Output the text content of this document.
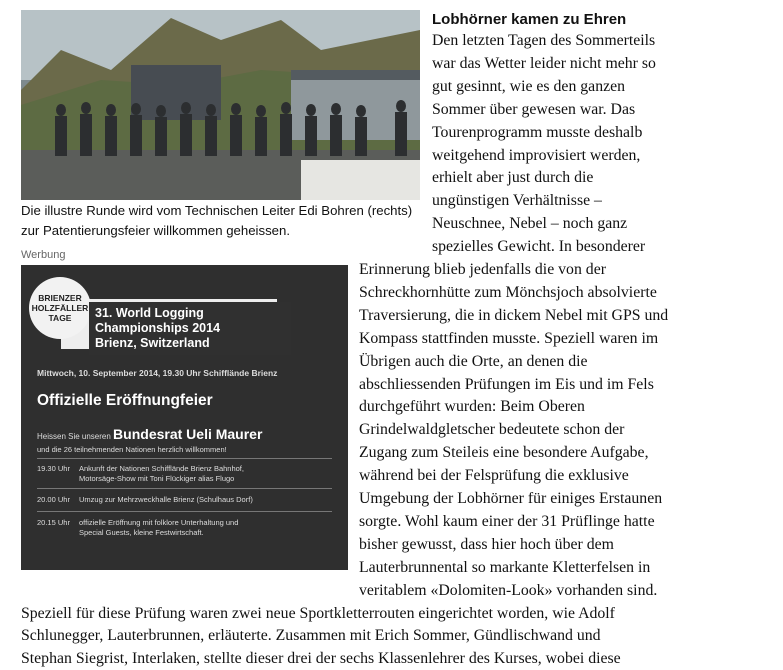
Die illustre Runde wird vom Technischen Leiter Edi Bohren (rechts)
zur Patentierungsfeier willkommen geheissen.
Werbung
BRIENZER
HOLZFÄLLER
TAGE	31. World Logging
Championships 2014
Brienz, Switzerland
Mittwoch, 10. September 2014, 19.30 Uhr Schifflände Brienz
Offizielle Eröffnungfeier
Heissen Sie unseren Bundesrat Ueli Maurer
und die 26 teilnehmenden Nationen herzlich willkommen!
19.30 Uhr	Ankunft der Nationen Schifflände Brienz Bahnhof,
Motorsäge-Show mit Toni Flückiger alias Flugo
20.00 Uhr	Umzug zur Mehrzweckhalle Brienz (Schulhaus Dorf)
20.15 Uhr	offizielle Eröffnung mit folklore Unterhaltung und
Special Guests, kleine Festwirtschaft.
Lobhörner kamen zu Ehren
Den letzten Tagen des Sommerteils
war das Wetter leider nicht mehr so
gut gesinnt, wie es den ganzen
Sommer über gewesen war. Das
Tourenprogramm musste deshalb
weitgehend improvisiert werden,
erhielt aber just durch die
ungünstigen Verhältnisse –
Neuschnee, Nebel – noch ganz
spezielles Gewicht. In besonderer
Erinnerung blieb jedenfalls die von der
Schreckhornhütte zum Mönchsjoch absolvierte
Traversierung, die in dickem Nebel mit GPS und
Kompass stattfinden musste. Speziell waren im
Übrigen auch die Orte, an denen die
abschliessenden Prüfungen im Eis und im Fels
durchgeführt wurden: Beim Oberen
Grindelwaldgletscher bedeutete schon der
Zugang zum Steileis eine besondere Aufgabe,
während bei der Felsprüfung die exklusive
Umgebung der Lobhörner für einiges Erstaunen
sorgte. Wohl kaum einer der 31 Prüflinge hatte
bisher gewusst, dass hier hoch über dem
Lauterbrunnental so markante Kletterfelsen in
veritablem «Dolomiten-Look» vorhanden sind.
Speziell für diese Prüfung waren zwei neue Sportkletterrouten eingerichtet worden, wie Adolf
Schlunegger, Lauterbrunnen, erläuterte. Zusammen mit Erich Sommer, Gündlischwand und
Stephan Siegrist, Interlaken, stellte dieser drei der sechs Klassenlehrer des Kurses, wobei diese
